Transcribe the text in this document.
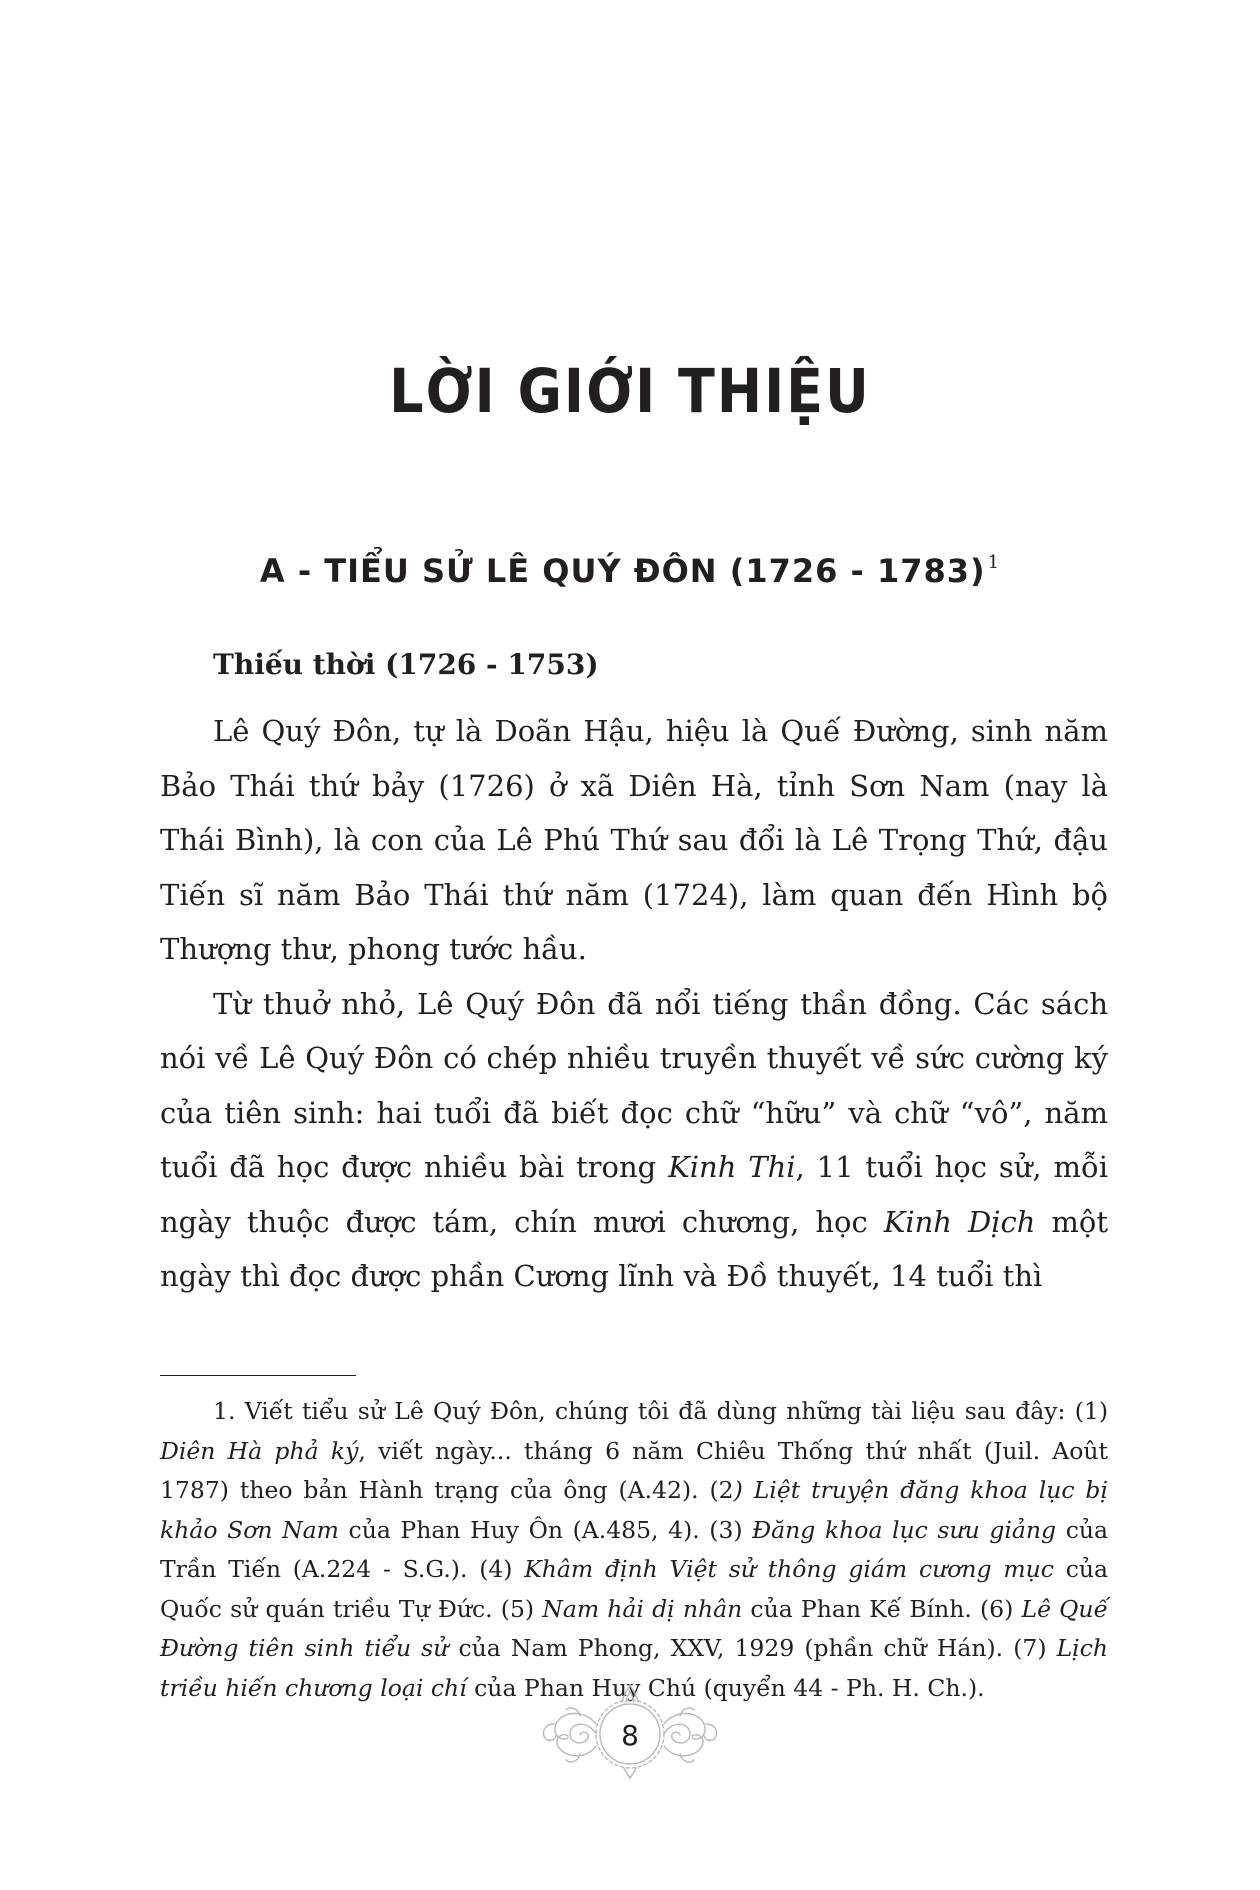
LỜI GIỚI THIỆU
A - TIỂU SỬ LÊ QUÝ ĐÔN (1726 - 1783) $^1$
Thiếu thời (1726 - 1753)

Lê Quý Đôn, tự là Doãn Hậu, hiệu là Quế Đường, sinh năm Bảo Thái thứ bảy (1726) ở xã Diên Hà, tỉnh Sơn Nam (nay là Thái Bình), là con của Lê Phú Thứ sau đổi là Lê Trọng Thứ, đậu Tiến sĩ năm Bảo Thái thứ năm (1724), làm quan đến Hình bộ Thượng thư, phong tước hầu.

Từ thuở nhỏ, Lê Quý Đôn đã nổi tiếng thần đồng. Các sách nói về Lê Quý Đôn có chép nhiều truyền thuyết về sức cường ký của tiên sinh: hai tuổi đã biết đọc chữ “hữu” và chữ “vô”, năm tuổi đã học được nhiều bài trong Kinh Thi, 11 tuổi học sử, mỗi ngày thuộc được tám, chín mươi chương, học Kinh Dịch một ngày thì đọc được phần Cương lĩnh và Đồ thuyết, 14 tuổi thì

1. Viết tiểu sử Lê Quý Đôn, chúng tôi đã dùng những tài liệu sau đây: (1) Diên Hà phả ký, viết ngày... tháng 6 năm Chiêu Thống thứ nhất (Juil. Août 1787) theo bản Hành trạng của ông (A.42). (2) Liệt truyện đăng khoa lục bị khảo Sơn Nam của Phan Huy Ôn (A.485, 4). (3) Đăng khoa lục sưu giảng của Trần Tiến (A.224 - S.G.). (4) Khâm định Việt sử thông giám cương mục của Quốc sử quán triều Tự Đức. (5) Nam hải dị nhân của Phan Kế Bính. (6) Lê Quế Đường tiên sinh tiểu sử của Nam Phong, XXV, 1929 (phần chữ Hán). (7) Lịch triều hiến chương loại chí của Phan Huy Chú (quyển 44 - Ph. H. Ch.).

8
